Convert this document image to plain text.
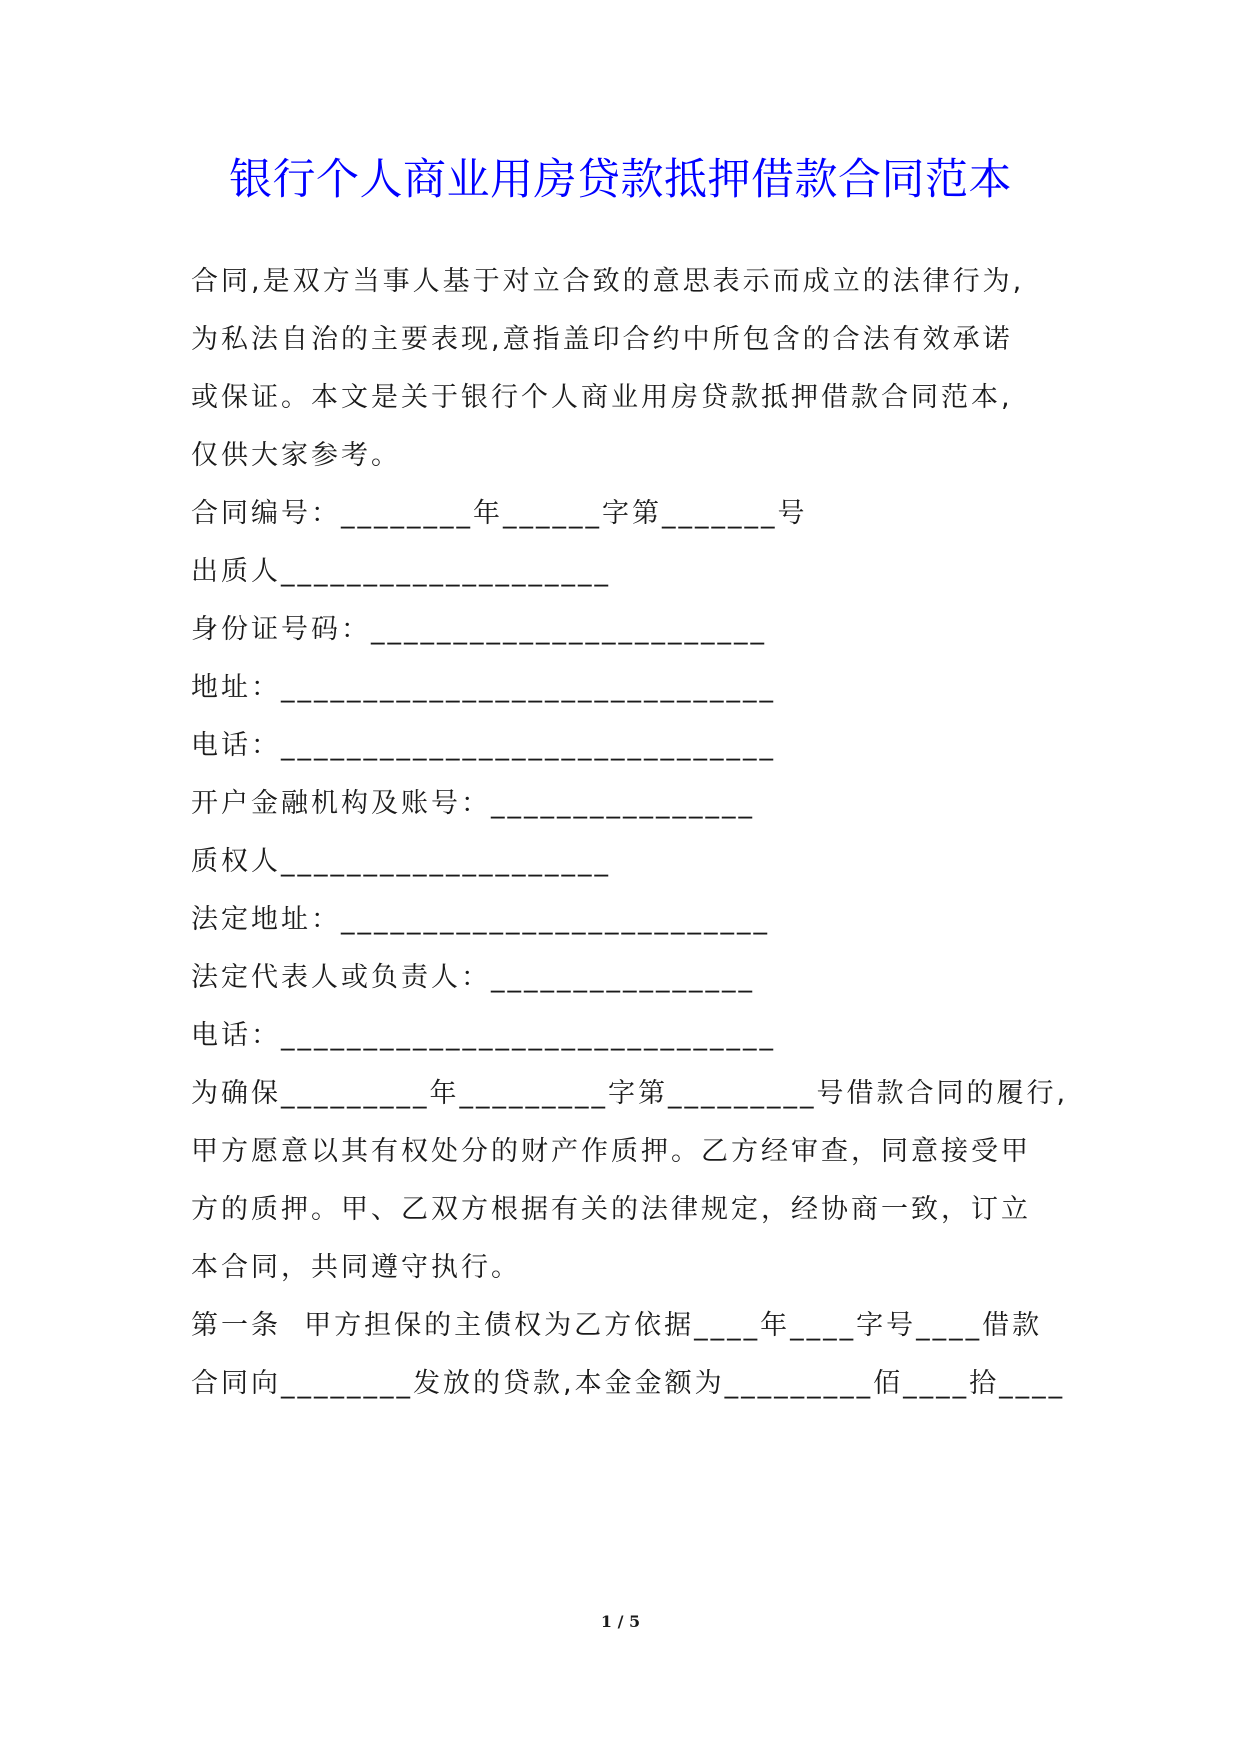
银行个人商业用房贷款抵押借款合同范本
合同,是双方当事人基于对立合致的意思表示而成立的法律行为,
为私法自治的主要表现,意指盖印合约中所包含的合法有效承诺
或保证。本文是关于银行个人商业用房贷款抵押借款合同范本,
仅供大家参考。
合同编号：________年______字第_______号
出质人____________________
身份证号码：________________________
地址：______________________________
电话：______________________________
开户金融机构及账号：________________
质权人____________________
法定地址：__________________________
法定代表人或负责人：________________
电话：______________________________
为确保_________年_________字第_________号借款合同的履行,
甲方愿意以其有权处分的财产作质押。乙方经审查，同意接受甲
方的质押。甲、乙双方根据有关的法律规定，经协商一致，订立
本合同，共同遵守执行。
第一条  甲方担保的主债权为乙方依据____年____字号____借款
合同向________发放的贷款,本金金额为_________佰____拾____
1 / 5
